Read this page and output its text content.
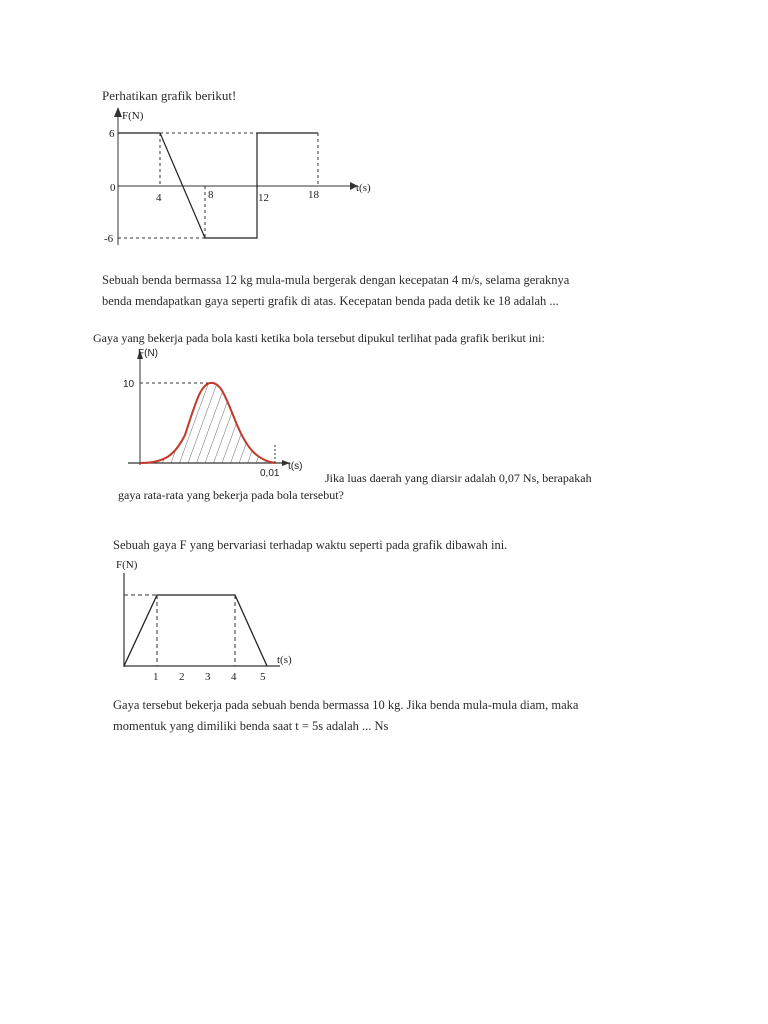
Perhatikan grafik berikut!

F(N)
t(s)
6
0
-6
4	8	12	18

Sebuah benda bermassa 12 kg mula-mula bergerak dengan kecepatan 4 m/s, selama geraknya

benda mendapatkan gaya seperti grafik di atas. Kecepatan benda pada detik ke 18 adalah ...

Gaya yang bekerja pada bola kasti ketika bola tersebut dipukul terlihat pada grafik berikut ini:

F(N)
t(s)
10
0,01	Jika luas daerah yang diarsir adalah 0,07 Ns, berapakah

gaya rata-rata yang bekerja pada bola tersebut?

Sebuah gaya F yang bervariasi terhadap waktu seperti pada grafik dibawah ini.

F(N)
t(s)
1 2 3 4 5

Gaya tersebut bekerja pada sebuah benda bermassa 10 kg. Jika benda mula-mula diam, maka

momentuk yang dimiliki benda saat t = 5s adalah ... Ns
